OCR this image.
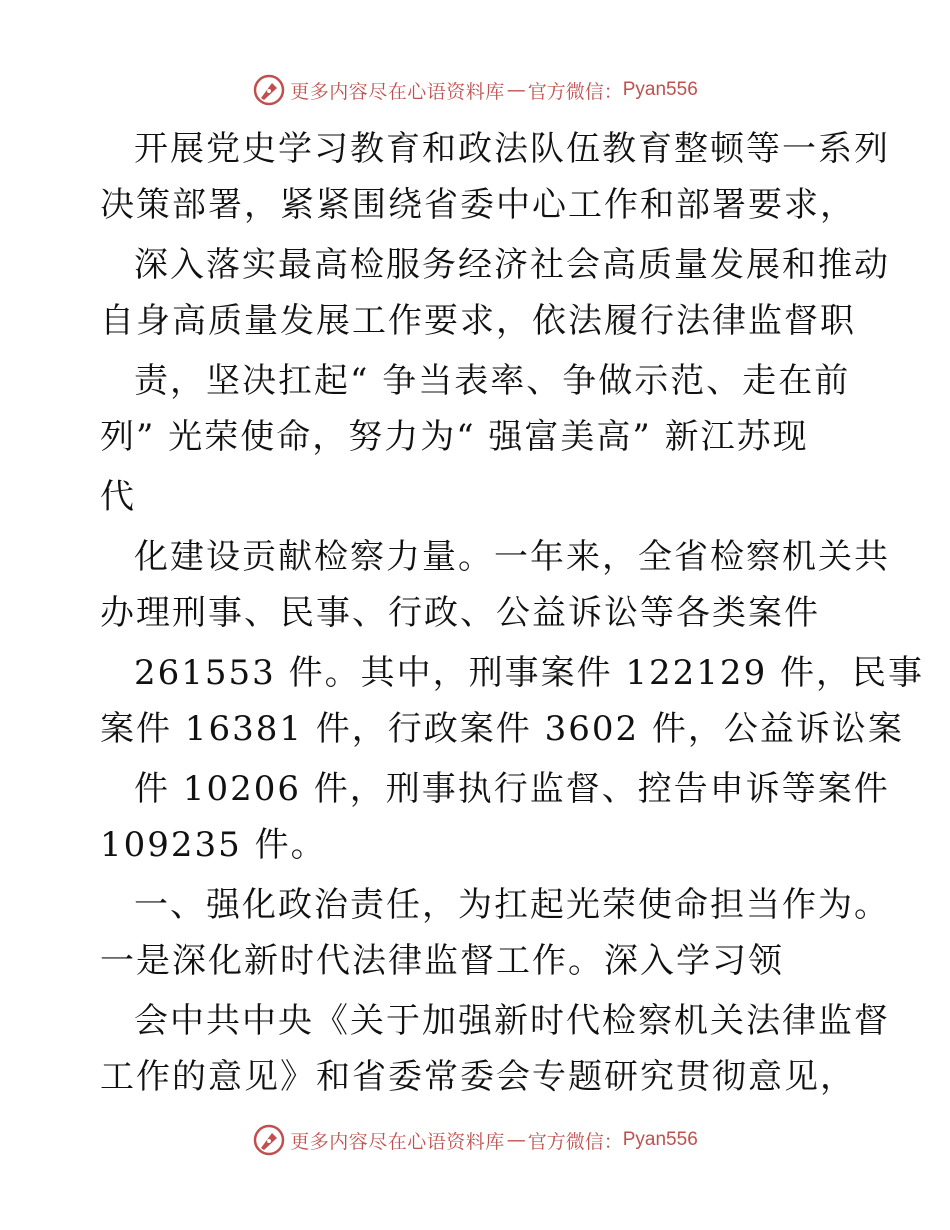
更多内容尽在心语资料库 — 官方微信： Pyan556
开展党史学习教育和政法队伍教育整顿等一系列
决策部署，紧紧围绕省委中心工作和部署要求，
深入落实最高检服务经济社会高质量发展和推动
自身高质量发展工作要求，依法履行法律监督职
责，坚决扛起“ 争当表率、争做示范、走在前
列” 光荣使命，努力为“ 强富美高” 新江苏现
代
化建设贡献检察力量。一年来，全省检察机关共
办理刑事、民事、行政、公益诉讼等各类案件
261553 件。其中，刑事案件 122129 件，民事
案件 16381 件，行政案件 3602 件，公益诉讼案
件 10206 件，刑事执行监督、控告申诉等案件
109235 件。
一、强化政治责任，为扛起光荣使命担当作为。
一是深化新时代法律监督工作。深入学习领
会中共中央《关于加强新时代检察机关法律监督
工作的意见》和省委常委会专题研究贯彻意见，
更多内容尽在心语资料库 — 官方微信： Pyan556
